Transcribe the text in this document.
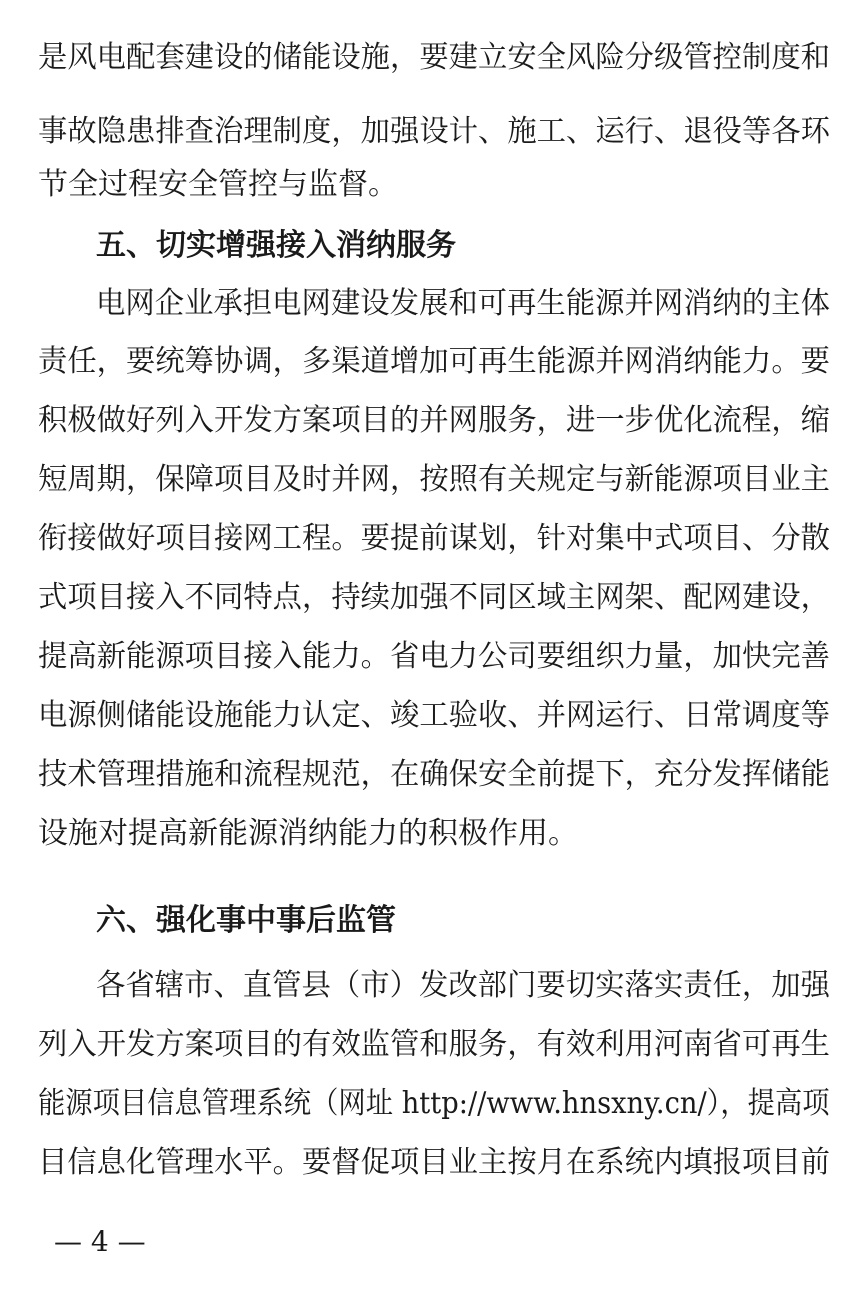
是风电配套建设的储能设施，要建立安全风险分级管控制度和
事故隐患排查治理制度，加强设计、施工、运行、退役等各环
节全过程安全管控与监督。
五、切实增强接入消纳服务
电网企业承担电网建设发展和可再生能源并网消纳的主体
责任，要统筹协调，多渠道增加可再生能源并网消纳能力。要
积极做好列入开发方案项目的并网服务，进一步优化流程，缩
短周期，保障项目及时并网，按照有关规定与新能源项目业主
衔接做好项目接网工程。要提前谋划，针对集中式项目、分散
式项目接入不同特点，持续加强不同区域主网架、配网建设，
提高新能源项目接入能力。省电力公司要组织力量，加快完善
电源侧储能设施能力认定、竣工验收、并网运行、日常调度等
技术管理措施和流程规范，在确保安全前提下，充分发挥储能
设施对提高新能源消纳能力的积极作用。
六、强化事中事后监管
各省辖市、直管县（市）发改部门要切实落实责任，加强
列入开发方案项目的有效监管和服务，有效利用河南省可再生
能源项目信息管理系统（网址 http://www.hnsxny.cn/），提高项
目信息化管理水平。要督促项目业主按月在系统内填报项目前
— 4 —
